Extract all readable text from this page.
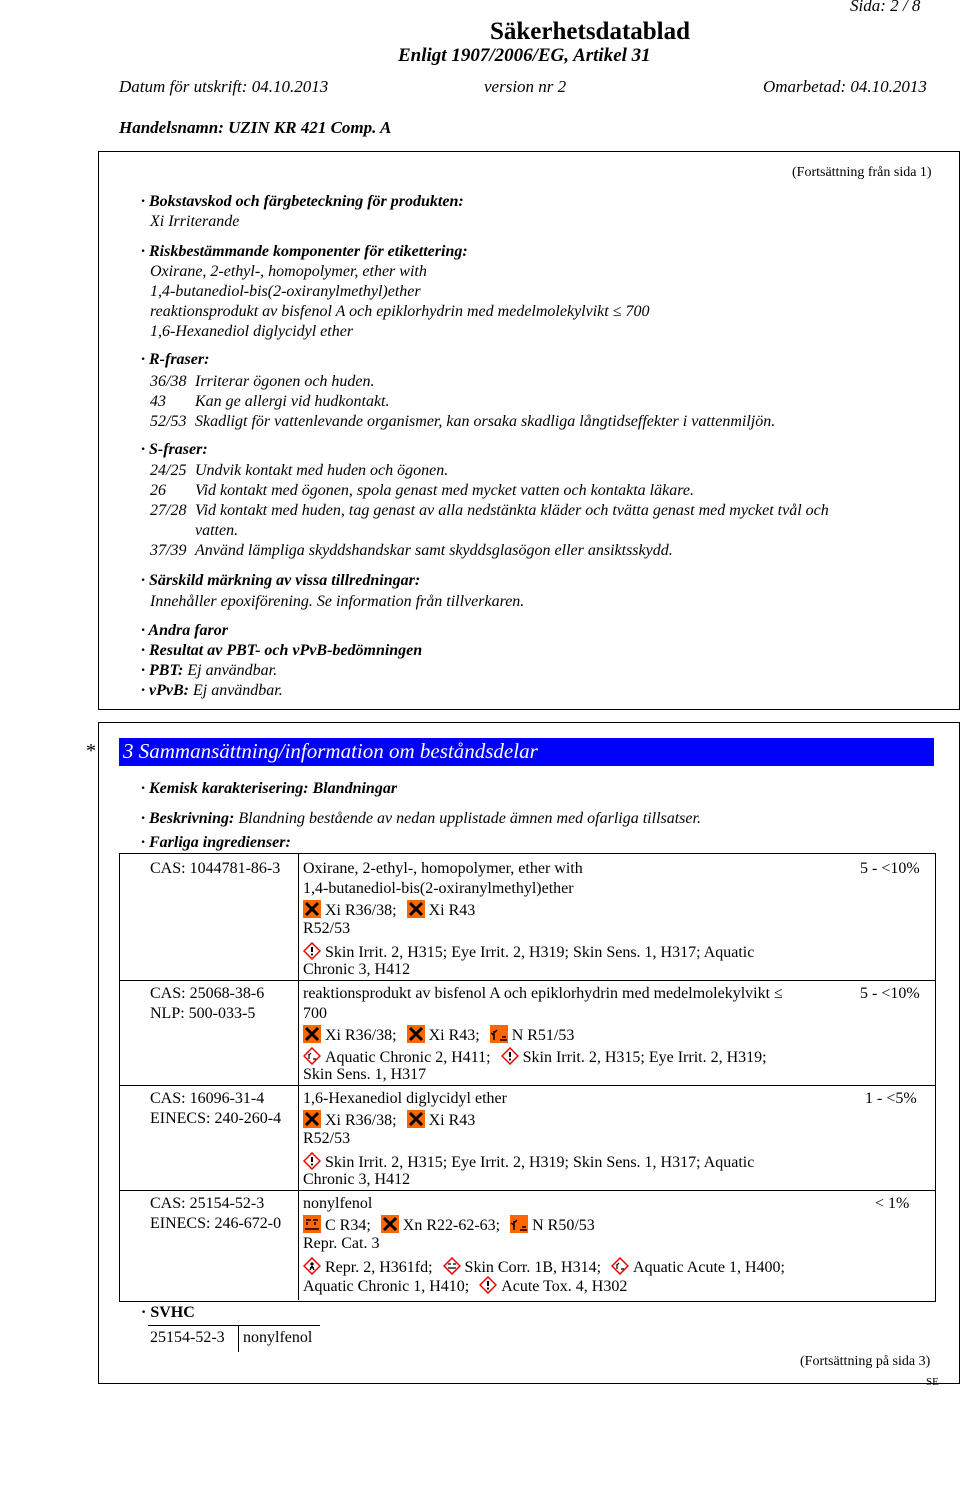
Sida: 2 / 8
Säkerhetsdatablad
Enligt 1907/2006/EG, Artikel 31
Datum för utskrift: 04.10.2013	version nr 2	Omarbetad: 04.10.2013
Handelsnamn: UZIN KR 421 Comp. A
(Fortsättning från sida 1)
· Bokstavskod och färgbeteckning för produkten:
Xi Irriterande
· Riskbestämmande komponenter för etikettering:
Oxirane, 2-ethyl-, homopolymer, ether with
1,4-butanediol-bis(2-oxiranylmethyl)ether
reaktionsprodukt av bisfenol A och epiklorhydrin med medelmolekylvikt ≤ 700
1,6-Hexanediol diglycidyl ether
· R-fraser:
36/38 Irriterar ögonen och huden.
43 Kan ge allergi vid hudkontakt.
52/53 Skadligt för vattenlevande organismer, kan orsaka skadliga långtidseffekter i vattenmiljön.
· S-fraser:
24/25 Undvik kontakt med huden och ögonen.
26 Vid kontakt med ögonen, spola genast med mycket vatten och kontakta läkare.
27/28 Vid kontakt med huden, tag genast av alla nedstänkta kläder och tvätta genast med mycket tvål och
vatten.
37/39 Använd lämpliga skyddshandskar samt skyddsglasögon eller ansiktsskydd.
· Särskild märkning av vissa tillredningar:
Innehåller epoxiförening. Se information från tillverkaren.
· Andra faror
· Resultat av PBT- och vPvB-bedömningen
· PBT: Ej användbar.
· vPvB: Ej användbar.
* 3 Sammansättning/information om beståndsdelar
· Kemisk karakterisering: Blandningar
· Beskrivning: Blandning bestående av nedan upplistade ämnen med ofarliga tillsatser.
· Farliga ingredienser:
CAS: 1044781-86-3 Oxirane, 2-ethyl-, homopolymer, ether with
1,4-butanediol-bis(2-oxiranylmethyl)ether
Xi R36/38; Xi R43
R52/53
Skin Irrit. 2, H315; Eye Irrit. 2, H319; Skin Sens. 1, H317; Aquatic
Chronic 3, H412
5 - <10%
CAS: 25068-38-6
NLP: 500-033-5
reaktionsprodukt av bisfenol A och epiklorhydrin med medelmolekylvikt ≤
700
Xi R36/38; Xi R43; N R51/53
Aquatic Chronic 2, H411; Skin Irrit. 2, H315; Eye Irrit. 2, H319;
Skin Sens. 1, H317
5 - <10%
CAS: 16096-31-4
EINECS: 240-260-4
1,6-Hexanediol diglycidyl ether
Xi R36/38; Xi R43
R52/53
Skin Irrit. 2, H315; Eye Irrit. 2, H319; Skin Sens. 1, H317; Aquatic
Chronic 3, H412
1 - <5%
CAS: 25154-52-3
EINECS: 246-672-0
nonylfenol
C R34; Xn R22-62-63; N R50/53
Repr. Cat. 3
Repr. 2, H361fd; Skin Corr. 1B, H314; Aquatic Acute 1, H400;
Aquatic Chronic 1, H410; Acute Tox. 4, H302
< 1%
· SVHC
25154-52-3 nonylfenol
(Fortsättning på sida 3)
SE
